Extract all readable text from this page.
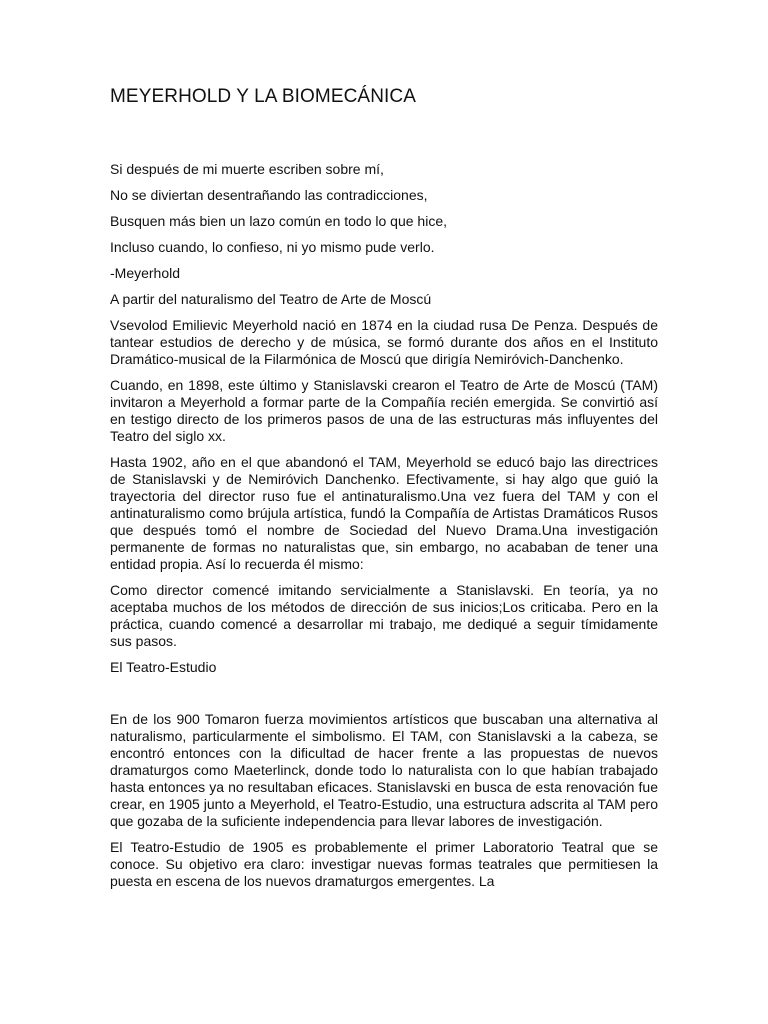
MEYERHOLD Y LA BIOMECÁNICA
Si después de mi muerte escriben sobre mí,
No se diviertan desentrañando las contradicciones,
Busquen más bien un lazo común en todo lo que hice,
Incluso cuando, lo confieso, ni yo mismo pude verlo.
-Meyerhold
A partir del naturalismo del Teatro de Arte de Moscú
Vsevolod Emilievic Meyerhold nació en 1874 en la ciudad rusa De Penza. Después de tantear estudios de derecho y de música, se formó durante dos años en el Instituto Dramático-musical de la Filarmónica de Moscú que dirigía Nemiróvich-Danchenko.
Cuando, en 1898, este último y Stanislavski crearon el Teatro de Arte de Moscú (TAM) invitaron a Meyerhold a formar parte de la Compañía recién emergida. Se convirtió así en testigo directo de los primeros pasos de una de las estructuras más influyentes del Teatro del siglo xx.
Hasta 1902, año en el que abandonó el TAM, Meyerhold se educó bajo las directrices de Stanislavski y de Nemiróvich Danchenko. Efectivamente, si hay algo que guió la trayectoria del director ruso fue el antinaturalismo.Una vez fuera del TAM y con el antinaturalismo como brújula artística, fundó la Compañía de Artistas Dramáticos Rusos que después tomó el nombre de Sociedad del Nuevo Drama.Una investigación permanente de formas no naturalistas que, sin embargo, no acababan de tener una entidad propia. Así lo recuerda él mismo:
Como director comencé imitando servicialmente a Stanislavski. En teoría, ya no aceptaba muchos de los métodos de dirección de sus inicios;Los criticaba. Pero en la práctica, cuando comencé a desarrollar mi trabajo, me dediqué a seguir tímidamente sus pasos.
El Teatro-Estudio
En de los 900 Tomaron fuerza movimientos artísticos que buscaban una alternativa al naturalismo, particularmente el simbolismo. El TAM, con Stanislavski a la cabeza, se encontró entonces con la dificultad de hacer frente a las propuestas de nuevos dramaturgos como Maeterlinck, donde todo lo naturalista con lo que habían trabajado hasta entonces ya no resultaban eficaces. Stanislavski en busca de esta renovación fue crear, en 1905 junto a Meyerhold, el Teatro-Estudio, una estructura adscrita al TAM pero que gozaba de la suficiente independencia para llevar labores de investigación.
El Teatro-Estudio de 1905 es probablemente el primer Laboratorio Teatral que se conoce. Su objetivo era claro: investigar nuevas formas teatrales que permitiesen la puesta en escena de los nuevos dramaturgos emergentes. La
